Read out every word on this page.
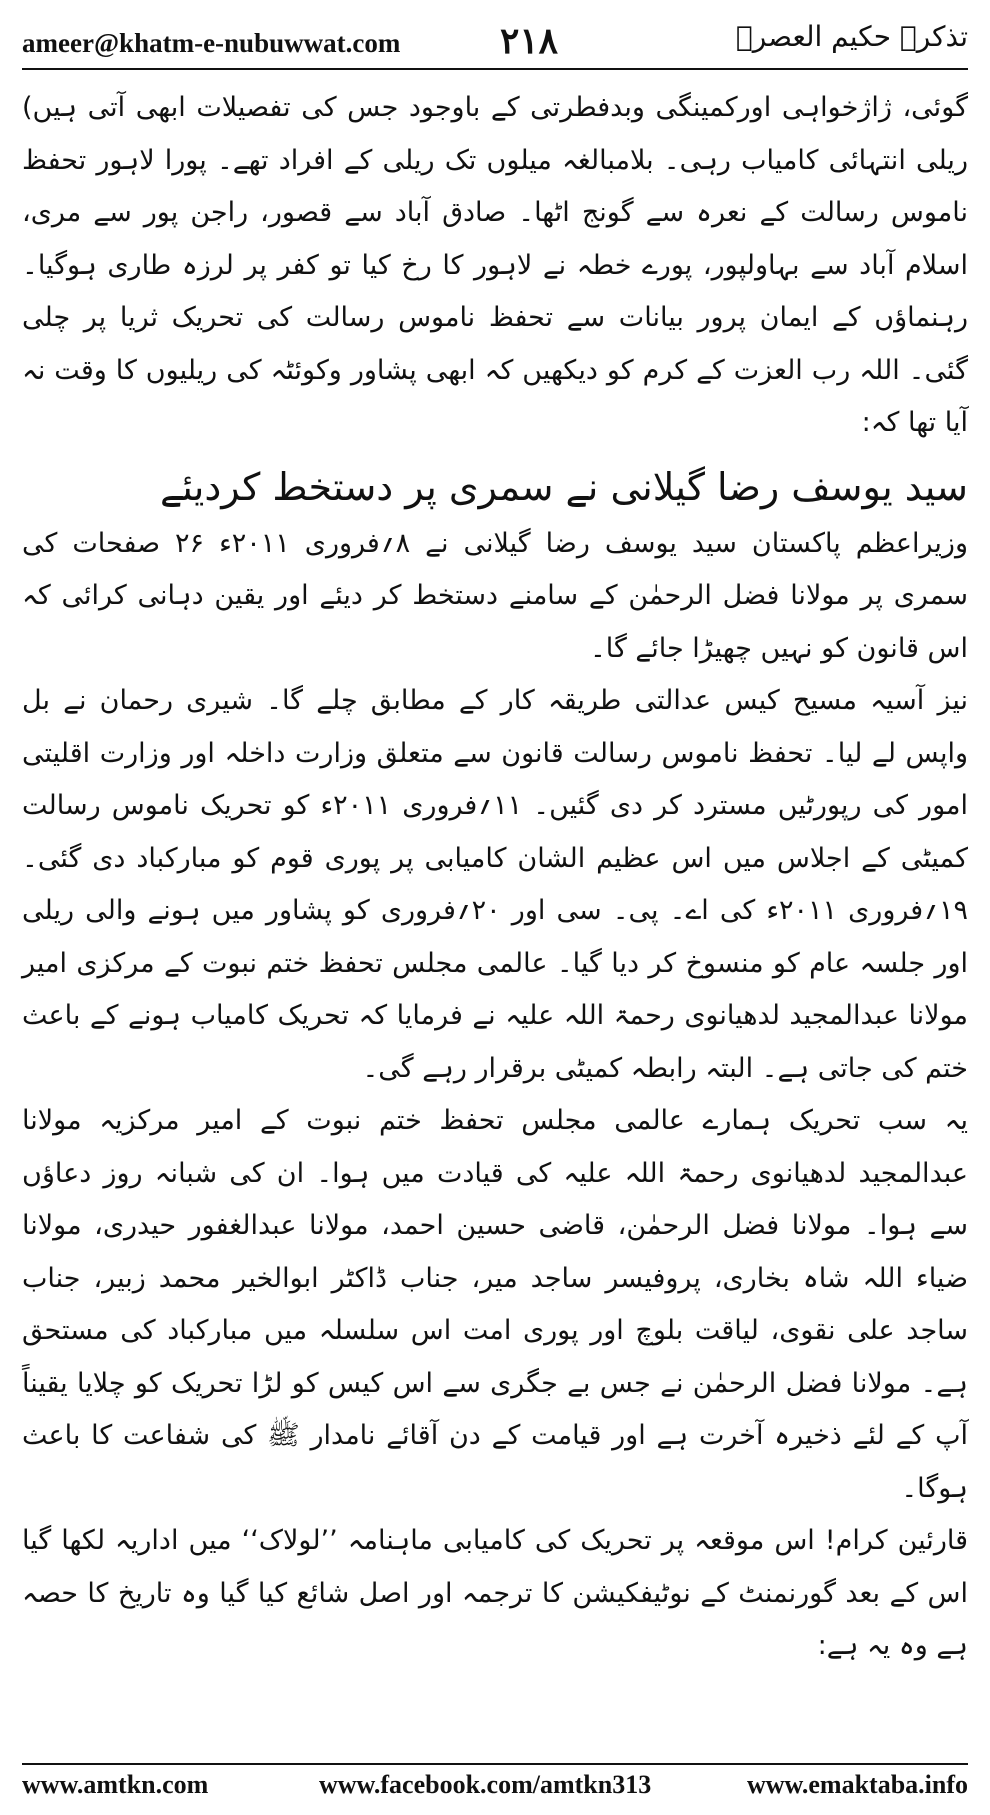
ameer@khatm-e-nubuwwat.com	۲۱۸	تذکرہ حکیم العصرؒ

گوئی، ژاژخواہی اورکمینگی وبدفطرتی کے باوجود جس کی تفصیلات ابھی آتی ہیں) ریلی انتہائی کامیاب رہی۔ بلامبالغہ میلوں تک ریلی کے افراد تھے۔ پورا لاہور تحفظ ناموس رسالت کے نعرہ سے گونج اٹھا۔ صادق آباد سے قصور، راجن پور سے مری، اسلام آباد سے بہاولپور، پورے خطہ نے لاہور کا رخ کیا تو کفر پر لرزہ طاری ہوگیا۔ رہنماؤں کے ایمان پرور بیانات سے تحفظ ناموس رسالت کی تحریک ثریا پر چلی گئی۔ اللہ رب العزت کے کرم کو دیکھیں کہ ابھی پشاور وکوئٹہ کی ریلیوں کا وقت نہ آیا تھا کہ:

سید یوسف رضا گیلانی نے سمری پر دستخط کردیئے

وزیراعظم پاکستان سید یوسف رضا گیلانی نے ۸؍فروری ۲۰۱۱ء ۲۶ صفحات کی سمری پر مولانا فضل الرحمٰن کے سامنے دستخط کر دیئے اور یقین دہانی کرائی کہ اس قانون کو نہیں چھیڑا جائے گا۔

نیز آسیہ مسیح کیس عدالتی طریقہ کار کے مطابق چلے گا۔ شیری رحمان نے بل واپس لے لیا۔ تحفظ ناموس رسالت قانون سے متعلق وزارت داخلہ اور وزارت اقلیتی امور کی رپورٹیں مسترد کر دی گئیں۔ ۱۱؍فروری ۲۰۱۱ء کو تحریک ناموس رسالت کمیٹی کے اجلاس میں اس عظیم الشان کامیابی پر پوری قوم کو مبارکباد دی گئی۔ ۱۹؍فروری ۲۰۱۱ء کی اے۔ پی۔ سی اور ۲۰؍فروری کو پشاور میں ہونے والی ریلی اور جلسہ عام کو منسوخ کر دیا گیا۔ عالمی مجلس تحفظ ختم نبوت کے مرکزی امیر مولانا عبدالمجید لدھیانوی رحمۃ اللہ علیہ نے فرمایا کہ تحریک کامیاب ہونے کے باعث ختم کی جاتی ہے۔ البتہ رابطہ کمیٹی برقرار رہے گی۔

یہ سب تحریک ہمارے عالمی مجلس تحفظ ختم نبوت کے امیر مرکزیہ مولانا عبدالمجید لدھیانوی رحمۃ اللہ علیہ کی قیادت میں ہوا۔ ان کی شبانہ روز دعاؤں سے ہوا۔ مولانا فضل الرحمٰن، قاضی حسین احمد، مولانا عبدالغفور حیدری، مولانا ضیاء اللہ شاہ بخاری، پروفیسر ساجد میر، جناب ڈاکٹر ابوالخیر محمد زبیر، جناب ساجد علی نقوی، لیاقت بلوچ اور پوری امت اس سلسلہ میں مبارکباد کی مستحق ہے۔ مولانا فضل الرحمٰن نے جس بے جگری سے اس کیس کو لڑا تحریک کو چلایا یقیناً آپ کے لئے ذخیرہ آخرت ہے اور قیامت کے دن آقائے نامدار ﷺ کی شفاعت کا باعث ہوگا۔

قارئین کرام! اس موقعہ پر تحریک کی کامیابی ماہنامہ ’’لولاک‘‘ میں اداریہ لکھا گیا اس کے بعد گورنمنٹ کے نوٹیفکیشن کا ترجمہ اور اصل شائع کیا گیا وہ تاریخ کا حصہ ہے وہ یہ ہے:

www.amtkn.com	www.facebook.com/amtkn313	www.emaktaba.info
